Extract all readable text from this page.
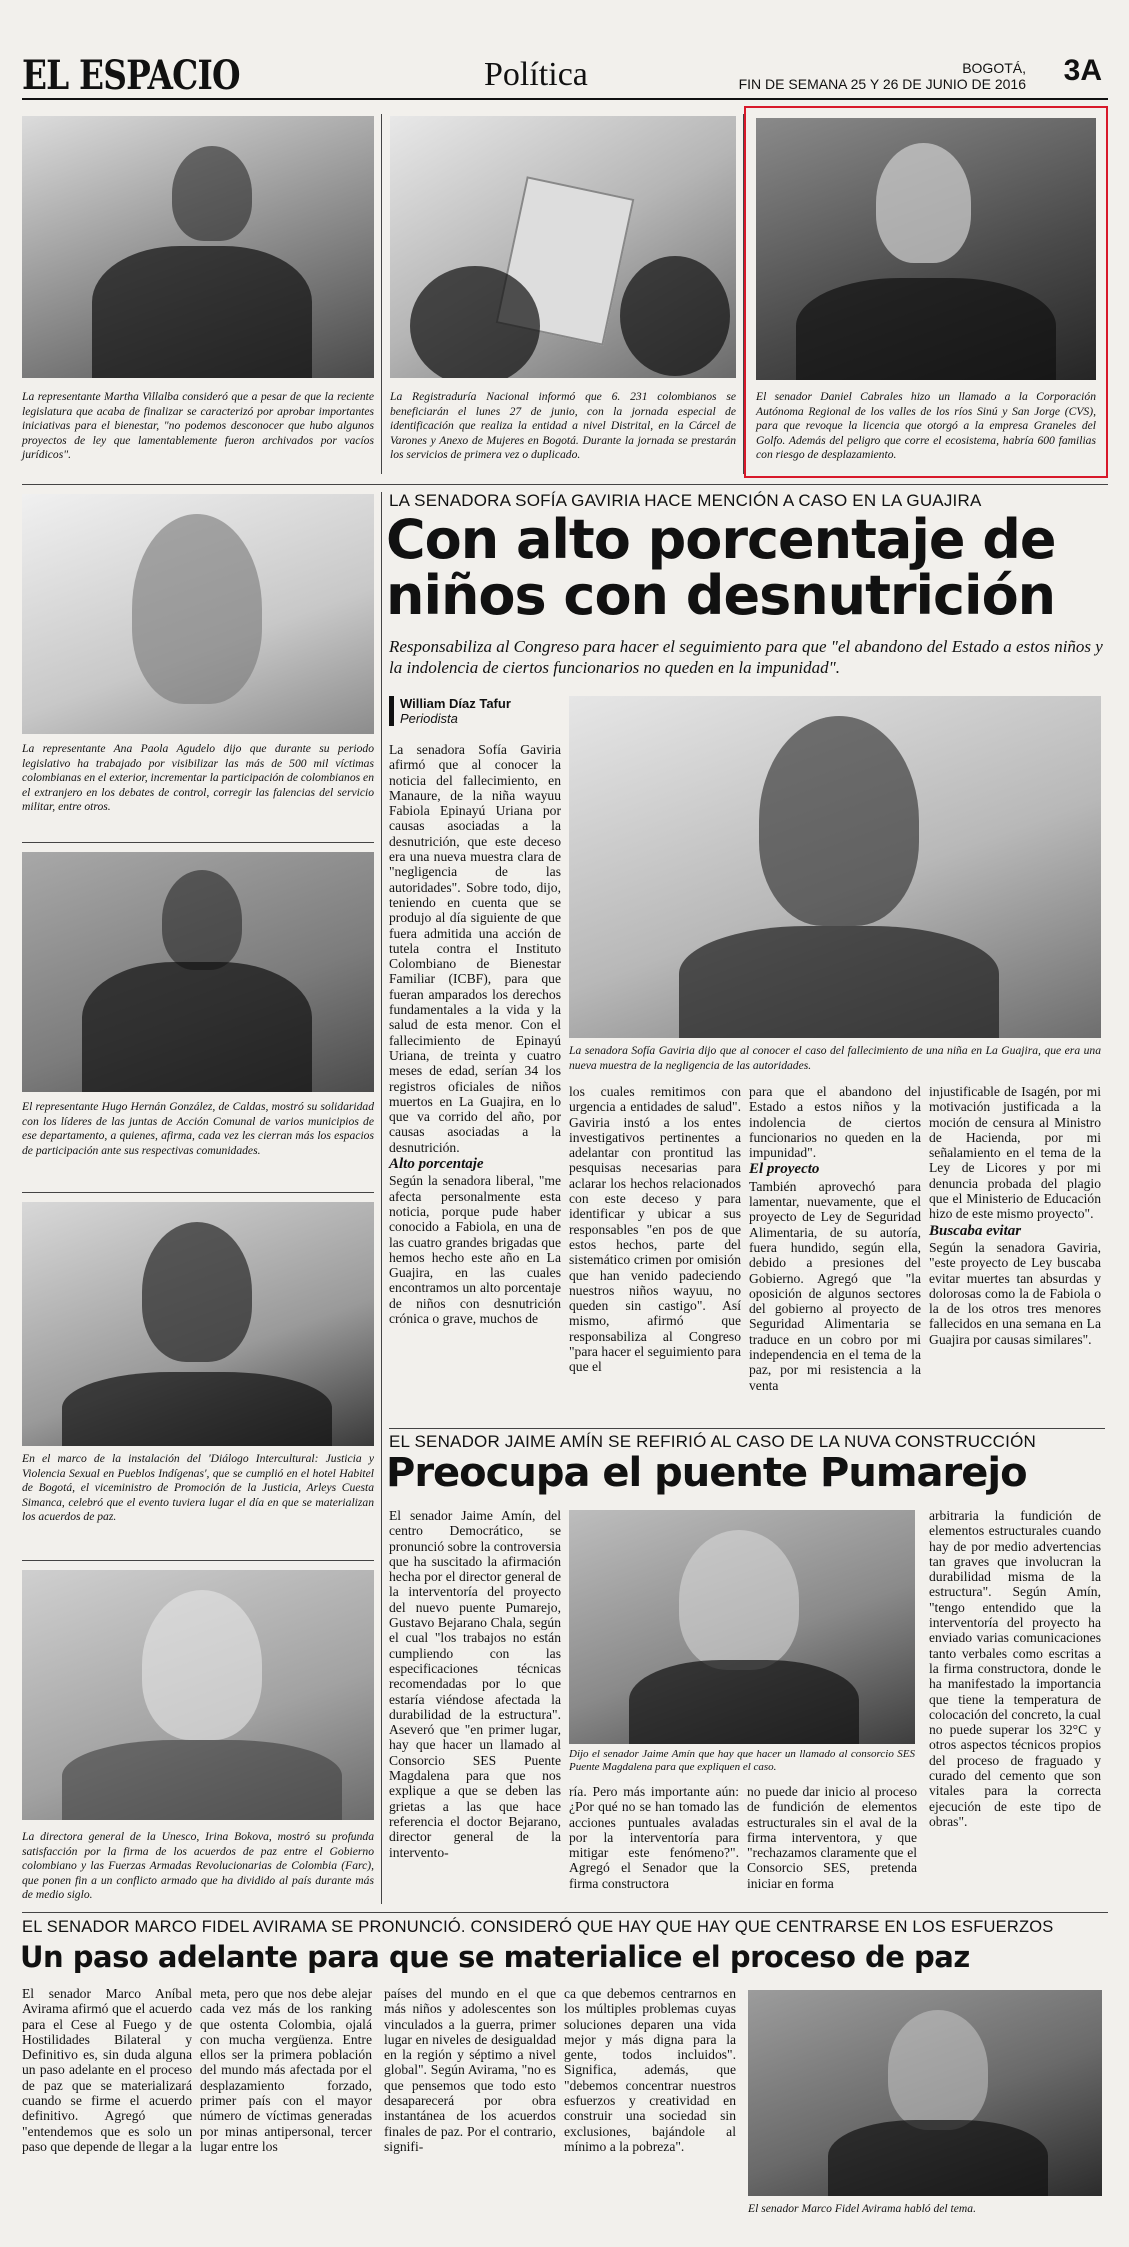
EL ESPACIO	Política	BOGOTÁ,
FIN DE SEMANA 25 Y 26 DE JUNIO DE 2016 3A
La representante Martha Villalba consideró que a pesar de que la reciente legislatura que acaba de finalizar se caracterizó por aprobar importantes iniciativas para el bienestar, "no podemos desconocer que hubo algunos proyectos de ley que lamentablemente fueron archivados por vacíos jurídicos".
La Registraduría Nacional informó que 6. 231 colombianos se beneficiarán el lunes 27 de junio, con la jornada especial de identificación que realiza la entidad a nivel Distrital, en la Cárcel de Varones y Anexo de Mujeres en Bogotá. Durante la jornada se prestarán los servicios de primera vez o duplicado.
El senador Daniel Cabrales hizo un llamado a la Corporación Autónoma Regional de los valles de los ríos Sinú y San Jorge (CVS), para que revoque la licencia que otorgó a la empresa Graneles del Golfo. Además del peligro que corre el ecosistema, habría 600 familias con riesgo de desplazamiento.
La representante Ana Paola Agudelo dijo que durante su periodo legislativo ha trabajado por visibilizar las más de 500 mil víctimas colombianas en el exterior, incrementar la participación de colombianos en el extranjero en los debates de control, corregir las falencias del servicio militar, entre otros.
El representante Hugo Hernán González, de Caldas, mostró su solidaridad con los líderes de las juntas de Acción Comunal de varios municipios de ese departamento, a quienes, afirma, cada vez les cierran más los espacios de participación ante sus respectivas comunidades.
En el marco de la instalación del 'Diálogo Intercultural: Justicia y Violencia Sexual en Pueblos Indígenas', que se cumplió en el hotel Habitel de Bogotá, el viceministro de Promoción de la Justicia, Arleys Cuesta Simanca, celebró que el evento tuviera lugar el día en que se materializan los acuerdos de paz.
La directora general de la Unesco, Irina Bokova, mostró su profunda satisfacción por la firma de los acuerdos de paz entre el Gobierno colombiano y las Fuerzas Armadas Revolucionarias de Colombia (Farc), que ponen fin a un conflicto armado que ha dividido al país durante más de medio siglo.
LA SENADORA SOFÍA GAVIRIA HACE MENCIÓN A CASO EN LA GUAJIRA
Con alto porcentaje de
niños con desnutrición
Responsabiliza al Congreso para hacer el seguimiento para que "el abandono del Estado a estos niños y la indolencia de ciertos funcionarios no queden en la impunidad".
William Díaz Tafur
Periodista

La senadora Sofía Gaviria afirmó que al conocer la noticia del fallecimiento, en Manaure, de la niña wayuu Fabiola Epinayú Uriana por causas asociadas a la desnutrición, que este deceso era una nueva muestra clara de "negligencia de las autoridades". Sobre todo, dijo, teniendo en cuenta que se produjo al día siguiente de que fuera admitida una acción de tutela contra el Instituto Colombiano de Bienestar Familiar (ICBF), para que fueran amparados los derechos fundamentales a la vida y la salud de esta menor. Con el fallecimiento de Epinayú Uriana, de treinta y cuatro meses de edad, serían 34 los registros oficiales de niños muertos en La Guajira, en lo que va corrido del año, por causas asociadas a la desnutrición.

Alto porcentaje

Según la senadora liberal, "me afecta personalmente esta noticia, porque pude haber conocido a Fabiola, en una de las cuatro grandes brigadas que hemos hecho este año en La Guajira, en las cuales encontramos un alto porcentaje de niños con desnutrición crónica o grave, muchos de

La senadora Sofía Gaviria dijo que al conocer el caso del fallecimiento de una niña en La Guajira, que era una nueva muestra de la negligencia de las autoridades.

los cuales remitimos con urgencia a entidades de salud". Gaviria instó a los entes investigativos pertinentes a adelantar con prontitud las pesquisas necesarias para aclarar los hechos relacionados con este deceso y para identificar y ubicar a sus responsables "en pos de que estos hechos, parte del sistemático crimen por omisión que han venido padeciendo nuestros niños wayuu, no queden sin castigo". Así mismo, afirmó que responsabiliza al Congreso "para hacer el seguimiento para que el

para que el abandono del Estado a estos niños y la indolencia de ciertos funcionarios no queden en la impunidad".

El proyecto

También aprovechó para lamentar, nuevamente, que el proyecto de Ley de Seguridad Alimentaria, de su autoría, fuera hundido, según ella, debido a presiones del Gobierno. Agregó que "la oposición de algunos sectores del gobierno al proyecto de Seguridad Alimentaria se traduce en un cobro por mi independencia en el tema de la paz, por mi resistencia a la venta

injustificable de Isagén, por mi motivación justificada a la moción de censura al Ministro de Hacienda, por mi señalamiento en el tema de la Ley de Licores y por mi denuncia probada del plagio que el Ministerio de Educación hizo de este mismo proyecto".

Buscaba evitar

Según la senadora Gaviria, "este proyecto de Ley buscaba evitar muertes tan absurdas y dolorosas como la de Fabiola o la de los otros tres menores fallecidos en una semana en La Guajira por causas similares".

EL SENADOR JAIME AMÍN SE REFIRIÓ AL CASO DE LA NUVA CONSTRUCCIÓN
Preocupa el puente Pumarejo

El senador Jaime Amín, del centro Democrático, se pronunció sobre la controversia que ha suscitado la afirmación hecha por el director general de la interventoría del proyecto del nuevo puente Pumarejo, Gustavo Bejarano Chala, según el cual "los trabajos no están cumpliendo con las especificaciones técnicas recomendadas por lo que estaría viéndose afectada la durabilidad de la estructura". Aseveró que "en primer lugar, hay que hacer un llamado al Consorcio SES Puente Magdalena para que nos explique a que se deben las grietas a las que hace referencia el doctor Bejarano, director general de la intervento-

Dijo el senador Jaime Amín que hay que hacer un llamado al consorcio SES Puente Magdalena para que expliquen el caso.

ría. Pero más importante aún: ¿Por qué no se han tomado las acciones puntuales avaladas por la interventoría para mitigar este fenómeno?". Agregó el Senador que la firma constructora

no puede dar inicio al proceso de fundición de elementos estructurales sin el aval de la firma interventora, y que "rechazamos claramente que el Consorcio SES, pretenda iniciar en forma

arbitraria la fundición de elementos estructurales cuando hay de por medio advertencias tan graves que involucran la durabilidad misma de la estructura". Según Amín, "tengo entendido que la interventoría del proyecto ha enviado varias comunicaciones tanto verbales como escritas a la firma constructora, donde le ha manifestado la importancia que tiene la temperatura de colocación del concreto, la cual no puede superar los 32°C y otros aspectos técnicos propios del proceso de fraguado y curado del cemento que son vitales para la correcta ejecución de este tipo de obras".

EL SENADOR MARCO FIDEL AVIRAMA SE PRONUNCIÓ. CONSIDERÓ QUE HAY QUE HAY QUE CENTRARSE EN LOS ESFUERZOS
Un paso adelante para que se materialice el proceso de paz

El senador Marco Aníbal Avirama afirmó que el acuerdo para el Cese al Fuego y de Hostilidades Bilateral y Definitivo es, sin duda alguna un paso adelante en el proceso de paz que se materializará cuando se firme el acuerdo definitivo. Agregó que "entendemos que es solo un paso que depende de llegar a la

meta, pero que nos debe alejar cada vez más de los ranking que ostenta Colombia, ojalá con mucha vergüenza. Entre ellos ser la primera población del mundo más afectada por el desplazamiento forzado, primer país con el mayor número de víctimas generadas por minas antipersonal, tercer lugar entre los

países del mundo en el que más niños y adolescentes son vinculados a la guerra, primer lugar en niveles de desigualdad en la región y séptimo a nivel global". Según Avirama, "no es que pensemos que todo esto desaparecerá por obra instantánea de los acuerdos finales de paz. Por el contrario, signifi-

ca que debemos centrarnos en los múltiples problemas cuyas soluciones deparen una vida mejor y más digna para la gente, todos incluidos". Significa, además, que "debemos concentrar nuestros esfuerzos y creatividad en construir una sociedad sin exclusiones, bajándole al mínimo a la pobreza".

El senador Marco Fidel Avirama habló del tema.
